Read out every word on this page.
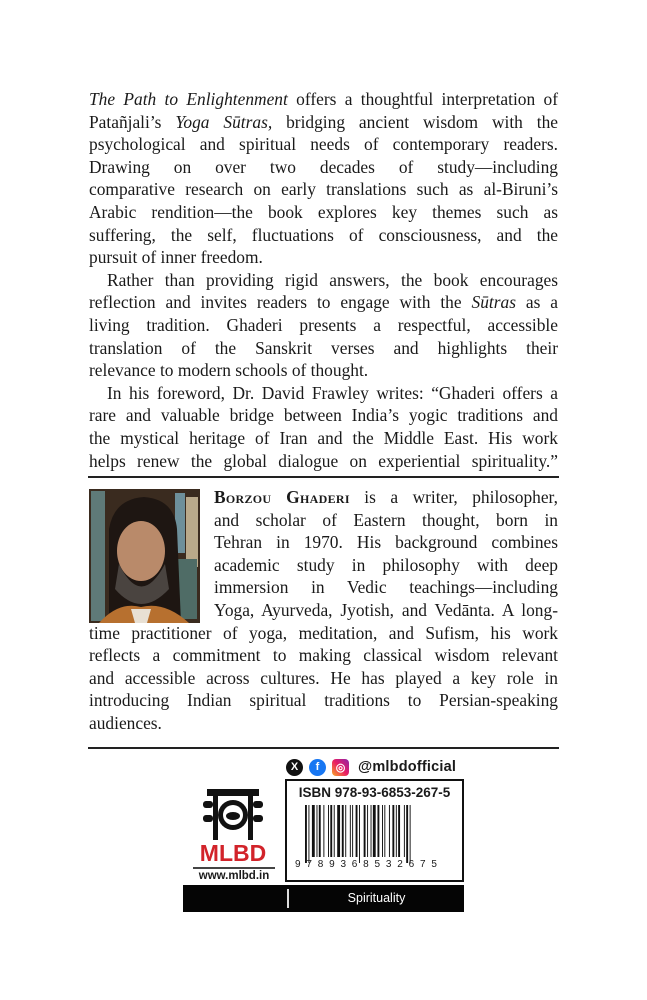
The Path to Enlightenment offers a thoughtful interpretation of
Patañjali’s Yoga Sūtras, bridging ancient wisdom with the
psychological and spiritual needs of contemporary readers.
Drawing on over two decades of study—including
comparative research on early translations such as al-Biruni’s
Arabic rendition—the book explores key themes such as
suffering, the self, fluctuations of consciousness, and the
pursuit of inner freedom.
Rather than providing rigid answers, the book encourages
reflection and invites readers to engage with the Sūtras as a
living tradition. Ghaderi presents a respectful, accessible
translation of the Sanskrit verses and highlights their
relevance to modern schools of thought.
In his foreword, Dr. David Frawley writes: “Ghaderi offers a
rare and valuable bridge between India’s yogic traditions and
the mystical heritage of Iran and the Middle East. His work
helps renew the global dialogue on experiential spirituality.”
Borzou Ghaderi is a writer, philosopher,
and scholar of Eastern thought, born in
Tehran in 1970. His background combines
academic study in philosophy with deep
immersion in Vedic teachings—including
Yoga, Ayurveda, Jyotish, and Vedānta. A long-
time practitioner of yoga, meditation, and Sufism, his work
reflects a commitment to making classical wisdom relevant
and accessible across cultures. He has played a key role in
introducing Indian spiritual traditions to Persian-speaking
audiences.
X	f	◎ @mlbdofficial
MLBD
www.mlbd.in
ISBN 978-93-6853-267-5
9789368532675
Spirituality
